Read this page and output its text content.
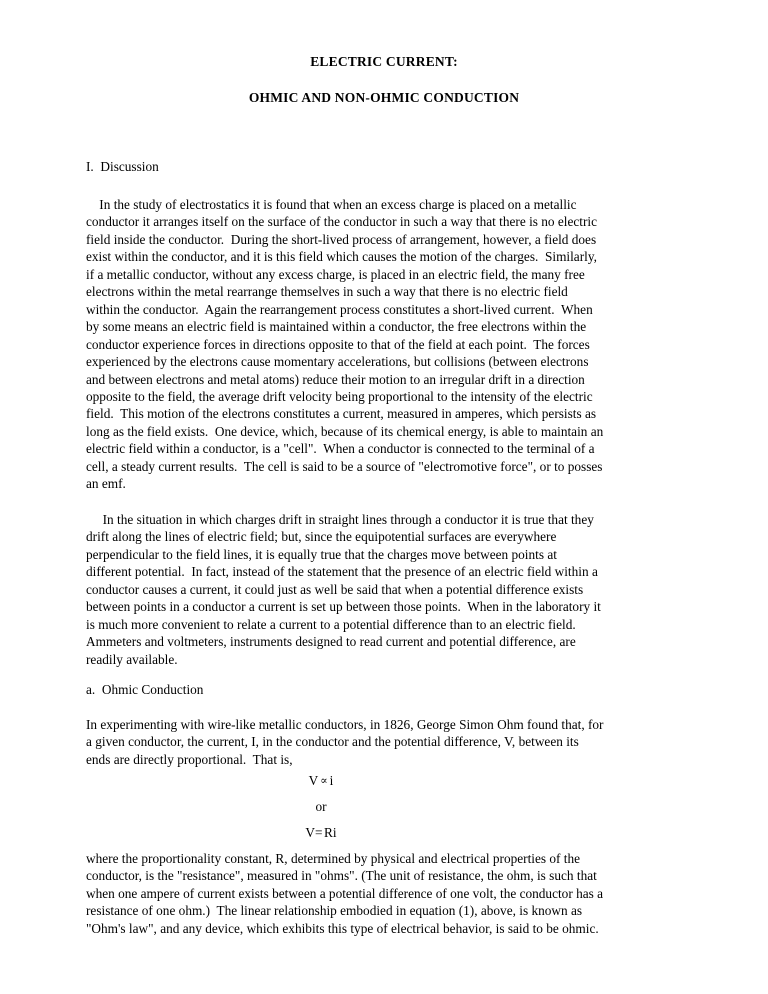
ELECTRIC CURRENT:
OHMIC AND NON-OHMIC CONDUCTION
I.  Discussion
In the study of electrostatics it is found that when an excess charge is placed on a metallic
conductor it arranges itself on the surface of the conductor in such a way that there is no electric
field inside the conductor.  During the short-lived process of arrangement, however, a field does
exist within the conductor, and it is this field which causes the motion of the charges.  Similarly,
if a metallic conductor, without any excess charge, is placed in an electric field, the many free
electrons within the metal rearrange themselves in such a way that there is no electric field
within the conductor.  Again the rearrangement process constitutes a short-lived current.  When
by some means an electric field is maintained within a conductor, the free electrons within the
conductor experience forces in directions opposite to that of the field at each point.  The forces
experienced by the electrons cause momentary accelerations, but collisions (between electrons
and between electrons and metal atoms) reduce their motion to an irregular drift in a direction
opposite to the field, the average drift velocity being proportional to the intensity of the electric
field.  This motion of the electrons constitutes a current, measured in amperes, which persists as
long as the field exists.  One device, which, because of its chemical energy, is able to maintain an
electric field within a conductor, is a "cell".  When a conductor is connected to the terminal of a
cell, a steady current results.  The cell is said to be a source of "electromotive force", or to posses
an emf.
In the situation in which charges drift in straight lines through a conductor it is true that they
drift along the lines of electric field; but, since the equipotential surfaces are everywhere
perpendicular to the field lines, it is equally true that the charges move between points at
different potential.  In fact, instead of the statement that the presence of an electric field within a
conductor causes a current, it could just as well be said that when a potential difference exists
between points in a conductor a current is set up between those points.  When in the laboratory it
is much more convenient to relate a current to a potential difference than to an electric field.
Ammeters and voltmeters, instruments designed to read current and potential difference, are
readily available.
a.  Ohmic Conduction
In experimenting with wire-like metallic conductors, in 1826, George Simon Ohm found that, for
a given conductor, the current, I, in the conductor and the potential difference, V, between its
ends are directly proportional.  That is,
V ∝ i
or
V=Ri
where the proportionality constant, R, determined by physical and electrical properties of the
conductor, is the "resistance", measured in "ohms". (The unit of resistance, the ohm, is such that
when one ampere of current exists between a potential difference of one volt, the conductor has a
resistance of one ohm.)  The linear relationship embodied in equation (1), above, is known as
"Ohm's law", and any device, which exhibits this type of electrical behavior, is said to be ohmic.
